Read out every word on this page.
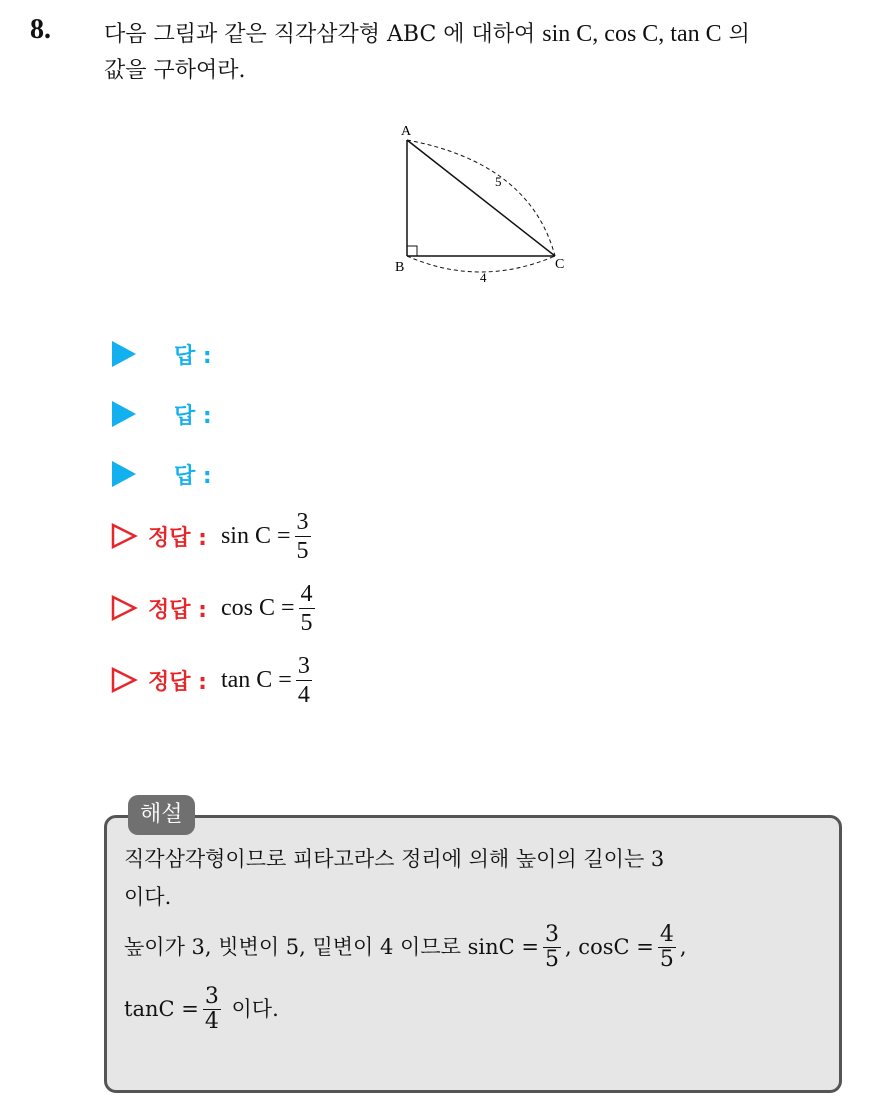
8. 다음 그림과 같은 직각삼각형 ABC 에 대하여 sin C, cos C, tan C 의
값을 구하여라.
A
B	C
5
4
답 :
답 :
답 :
정답 : $\sin C = \frac{3}{5}$
정답 : $\cos C = \frac{4}{5}$
정답 : $\tan C = \frac{3}{4}$
해설
직각삼각형이므로 피타고라스 정리에 의해 높이의 길이는 3
이다.
높이가 3, 빗변이 5, 밑변이 4 이므로 $\sin C = \frac{3}{5}$ , $\cos C = \frac{4}{5}$ ,
$\tan C = \frac{3}{4}$ 이다.
